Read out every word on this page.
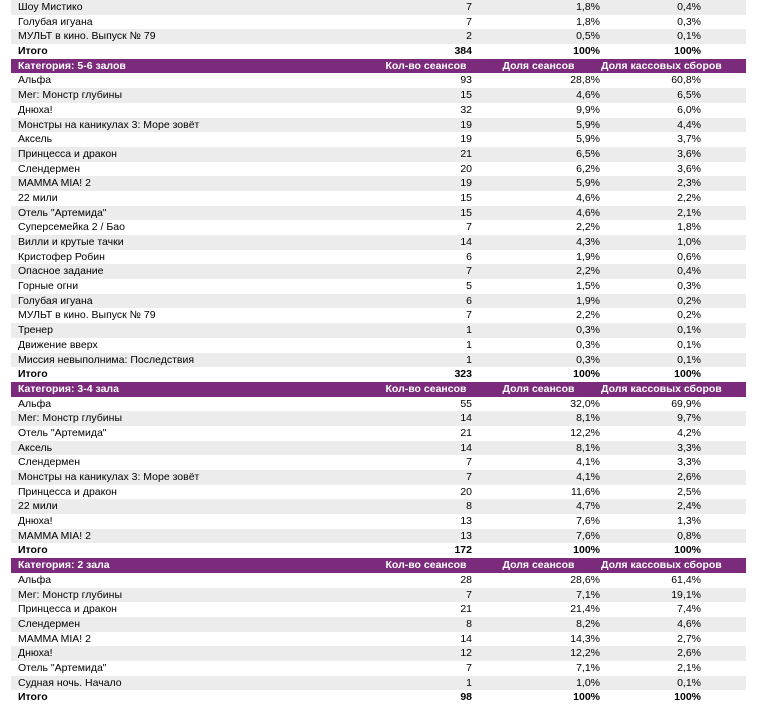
Шоу Мистико	7	1,8%	0,4%
Голубая игуана	7	1,8%	0,3%
МУЛЬТ в кино. Выпуск № 79	2	0,5%	0,1%
Итого	384	100%	100%
Категория: 5-6 залов	Кол-во сеансов	Доля сеансов	Доля кассовых сборов
Альфа	93	28,8%	60,8%
Мег: Монстр глубины	15	4,6%	6,5%
Днюха!	32	9,9%	6,0%
Монстры на каникулах 3: Море зовёт	19	5,9%	4,4%
Аксель	19	5,9%	3,7%
Принцесса и дракон	21	6,5%	3,6%
Слендермен	20	6,2%	3,6%
MAMMA MIA! 2	19	5,9%	2,3%
22 мили	15	4,6%	2,2%
Отель "Артемида"	15	4,6%	2,1%
Суперсемейка 2 / Бао	7	2,2%	1,8%
Вилли и крутые тачки	14	4,3%	1,0%
Кристофер Робин	6	1,9%	0,6%
Опасное задание	7	2,2%	0,4%
Горные огни	5	1,5%	0,3%
Голубая игуана	6	1,9%	0,2%
МУЛЬТ в кино. Выпуск № 79	7	2,2%	0,2%
Тренер	1	0,3%	0,1%
Движение вверх	1	0,3%	0,1%
Миссия невыполнима: Последствия	1	0,3%	0,1%
Итого	323	100%	100%
Категория: 3-4 зала	Кол-во сеансов	Доля сеансов	Доля кассовых сборов
Альфа	55	32,0%	69,9%
Мег: Монстр глубины	14	8,1%	9,7%
Отель "Артемида"	21	12,2%	4,2%
Аксель	14	8,1%	3,3%
Слендермен	7	4,1%	3,3%
Монстры на каникулах 3: Море зовёт	7	4,1%	2,6%
Принцесса и дракон	20	11,6%	2,5%
22 мили	8	4,7%	2,4%
Днюха!	13	7,6%	1,3%
MAMMA MIA! 2	13	7,6%	0,8%
Итого	172	100%	100%
Категория: 2 зала	Кол-во сеансов	Доля сеансов	Доля кассовых сборов
Альфа	28	28,6%	61,4%
Мег: Монстр глубины	7	7,1%	19,1%
Принцесса и дракон	21	21,4%	7,4%
Слендермен	8	8,2%	4,6%
MAMMA MIA! 2	14	14,3%	2,7%
Днюха!	12	12,2%	2,6%
Отель "Артемида"	7	7,1%	2,1%
Судная ночь. Начало	1	1,0%	0,1%
Итого	98	100%	100%
